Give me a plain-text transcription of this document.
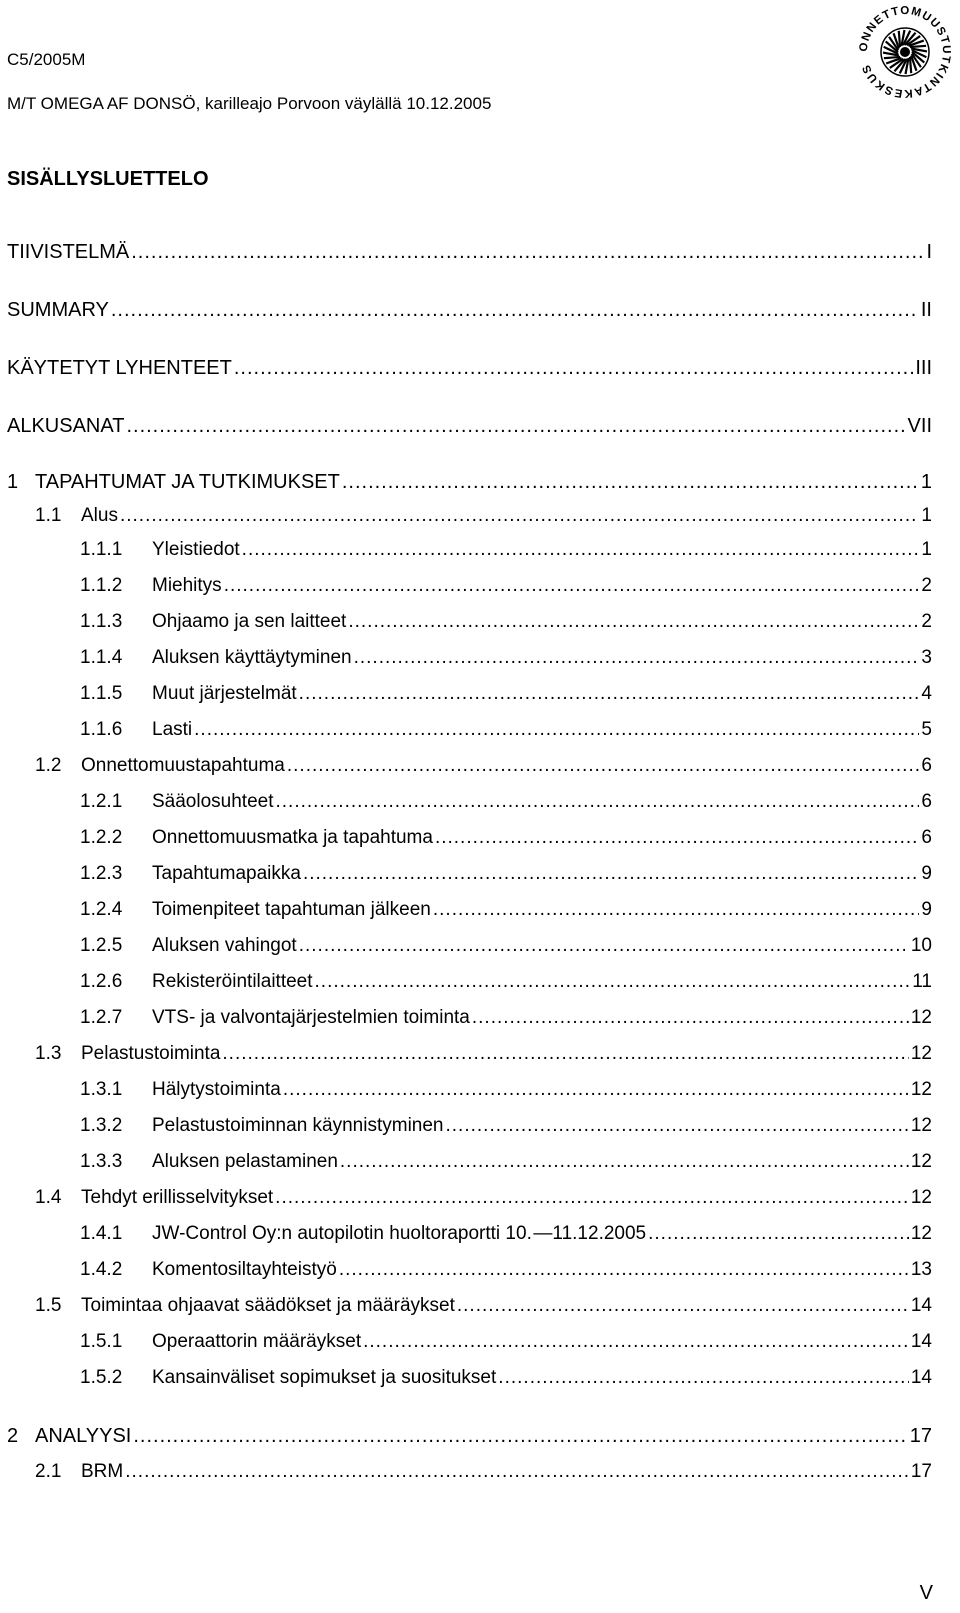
C5/2005M
M/T OMEGA AF DONSÖ, karilleajo Porvoon väylällä 10.12.2005
ONNETTOMUUSTUTKINTAKESKUS
SISÄLLYSLUETTELO
TIIVISTELMÄ .....	I
SUMMARY .....	II
KÄYTETYT LYHENTEET .....	III
ALKUSANAT .....	VII
1 TAPAHTUMAT JA TUTKIMUKSET .....	1
1.1	Alus .....	1
1.1.1	Yleistiedot .....	1
1.1.2	Miehitys .....	2
1.1.3	Ohjaamo ja sen laitteet .....	2
1.1.4	Aluksen käyttäytyminen .....	3
1.1.5	Muut järjestelmät .....	4
1.1.6	Lasti .....	5
1.2	Onnettomuustapahtuma .....	6
1.2.1	Sääolosuhteet .....	6
1.2.2	Onnettomuusmatka ja tapahtuma .....	6
1.2.3	Tapahtumapaikka .....	9
1.2.4	Toimenpiteet tapahtuman jälkeen .....	9
1.2.5	Aluksen vahingot .....	10
1.2.6	Rekisteröintilaitteet .....	11
1.2.7	VTS- ja valvontajärjestelmien toiminta .....	12
1.3	Pelastustoiminta .....	12
1.3.1	Hälytystoiminta .....	12
1.3.2	Pelastustoiminnan käynnistyminen .....	12
1.3.3	Aluksen pelastaminen .....	12
1.4	Tehdyt erillisselvitykset .....	12
1.4.1	JW-Control Oy:n autopilotin huoltoraportti 10. —11.12.2005 .....	12
1.4.2	Komentosiltayhteistyö .....	13
1.5	Toimintaa ohjaavat säädökset ja määräykset .....	14
1.5.1	Operaattorin määräykset .....	14
1.5.2	Kansainväliset sopimukset ja suositukset .....	14
2 ANALYYSI .....	17
2.1	BRM .....	17
V
